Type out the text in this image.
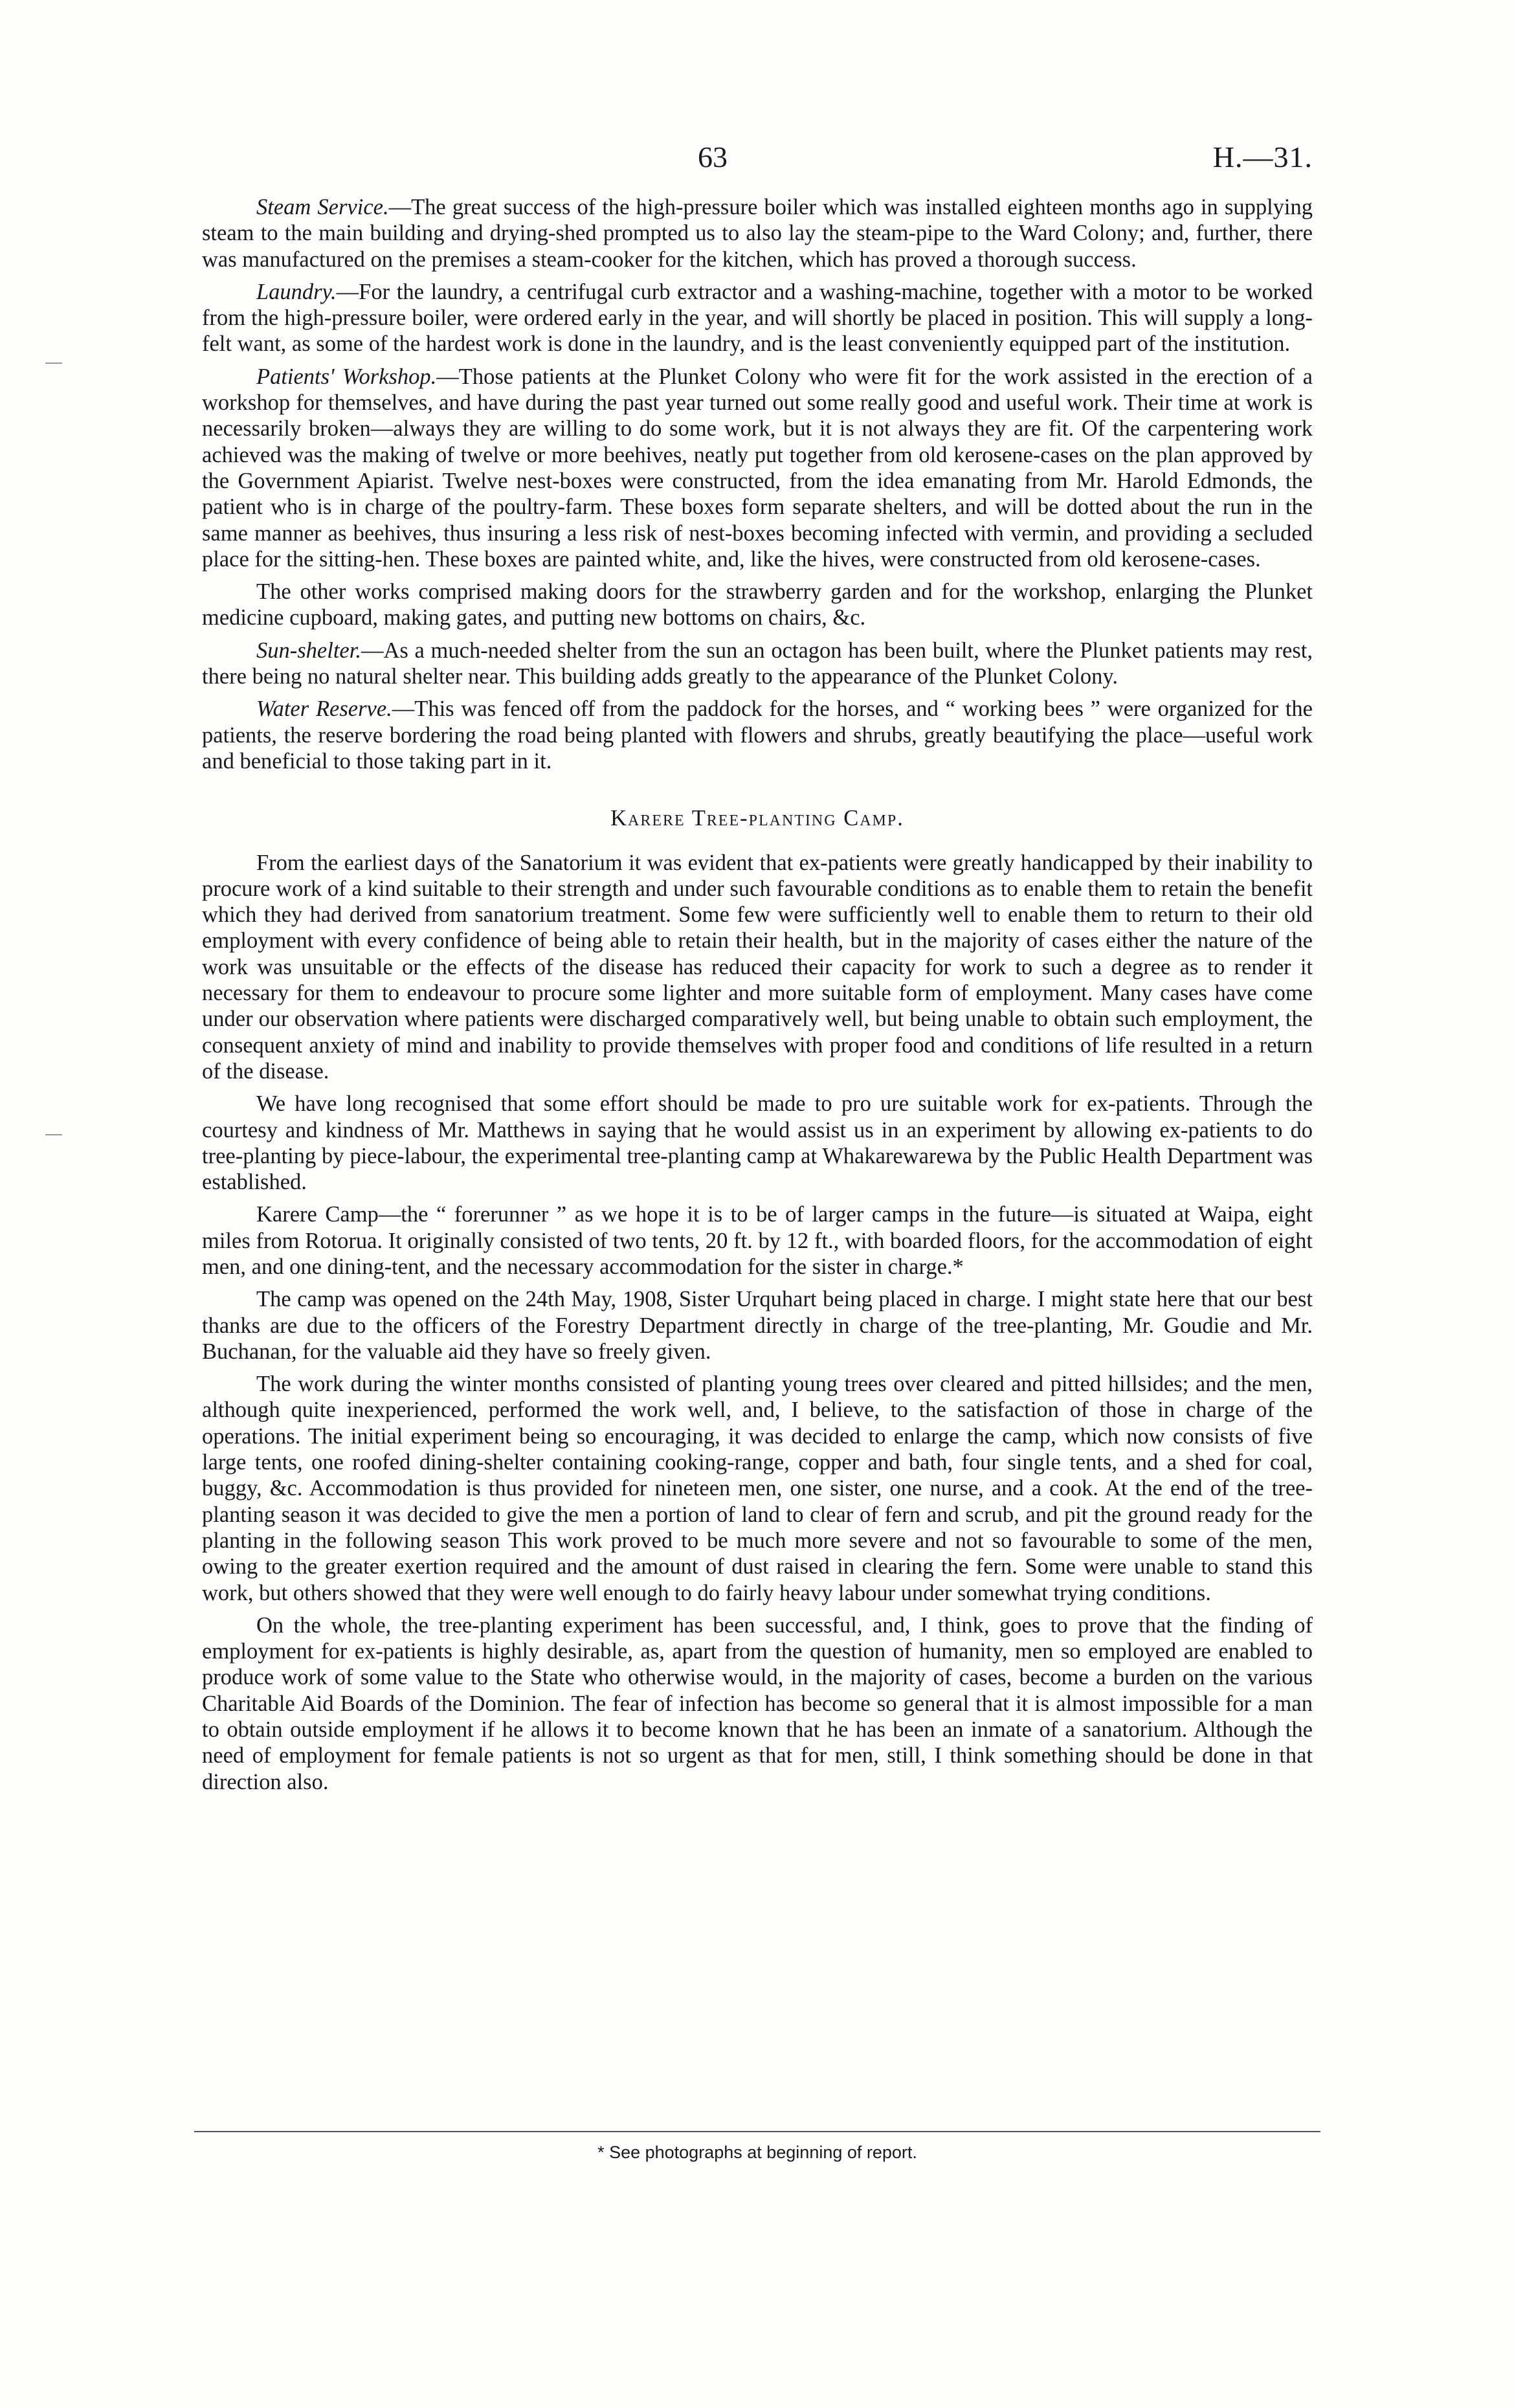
63	H.—31.

Steam Service.—The great success of the high-pressure boiler which was installed eighteen months ago in supplying steam to the main building and drying-shed prompted us to also lay the steam-pipe to the Ward Colony; and, further, there was manufactured on the premises a steam-cooker for the kitchen, which has proved a thorough success.

Laundry.—For the laundry, a centrifugal curb extractor and a washing-machine, together with a motor to be worked from the high-pressure boiler, were ordered early in the year, and will shortly be placed in position. This will supply a long-felt want, as some of the hardest work is done in the laundry, and is the least conveniently equipped part of the institution.

Patients' Workshop.—Those patients at the Plunket Colony who were fit for the work assisted in the erection of a workshop for themselves, and have during the past year turned out some really good and useful work. Their time at work is necessarily broken—always they are willing to do some work, but it is not always they are fit. Of the carpentering work achieved was the making of twelve or more beehives, neatly put together from old kerosene-cases on the plan approved by the Government Apiarist. Twelve nest-boxes were constructed, from the idea emanating from Mr. Harold Edmonds, the patient who is in charge of the poultry-farm. These boxes form separate shelters, and will be dotted about the run in the same manner as beehives, thus insuring a less risk of nest-boxes becoming infected with vermin, and providing a secluded place for the sitting-hen. These boxes are painted white, and, like the hives, were constructed from old kerosene-cases.

The other works comprised making doors for the strawberry garden and for the workshop, enlarging the Plunket medicine cupboard, making gates, and putting new bottoms on chairs, &c.

Sun-shelter.—As a much-needed shelter from the sun an octagon has been built, where the Plunket patients may rest, there being no natural shelter near. This building adds greatly to the appearance of the Plunket Colony.

Water Reserve.—This was fenced off from the paddock for the horses, and “ working bees ” were organized for the patients, the reserve bordering the road being planted with flowers and shrubs, greatly beautifying the place—useful work and beneficial to those taking part in it.

Karere Tree-planting Camp.

From the earliest days of the Sanatorium it was evident that ex-patients were greatly handicapped by their inability to procure work of a kind suitable to their strength and under such favourable conditions as to enable them to retain the benefit which they had derived from sanatorium treatment. Some few were sufficiently well to enable them to return to their old employment with every confidence of being able to retain their health, but in the majority of cases either the nature of the work was unsuitable or the effects of the disease has reduced their capacity for work to such a degree as to render it necessary for them to endeavour to procure some lighter and more suitable form of employment. Many cases have come under our observation where patients were discharged comparatively well, but being unable to obtain such employment, the consequent anxiety of mind and inability to provide themselves with proper food and conditions of life resulted in a return of the disease.

We have long recognised that some effort should be made to pro ure suitable work for ex-patients. Through the courtesy and kindness of Mr. Matthews in saying that he would assist us in an experiment by allowing ex-patients to do tree-planting by piece-labour, the experimental tree-planting camp at Whakarewarewa by the Public Health Department was established.

Karere Camp—the “ forerunner ” as we hope it is to be of larger camps in the future—is situated at Waipa, eight miles from Rotorua. It originally consisted of two tents, 20 ft. by 12 ft., with boarded floors, for the accommodation of eight men, and one dining-tent, and the necessary accommodation for the sister in charge.*

The camp was opened on the 24th May, 1908, Sister Urquhart being placed in charge. I might state here that our best thanks are due to the officers of the Forestry Department directly in charge of the tree-planting, Mr. Goudie and Mr. Buchanan, for the valuable aid they have so freely given.

The work during the winter months consisted of planting young trees over cleared and pitted hillsides; and the men, although quite inexperienced, performed the work well, and, I believe, to the satisfaction of those in charge of the operations. The initial experiment being so encouraging, it was decided to enlarge the camp, which now consists of five large tents, one roofed dining-shelter containing cooking-range, copper and bath, four single tents, and a shed for coal, buggy, &c. Accommodation is thus provided for nineteen men, one sister, one nurse, and a cook. At the end of the tree-planting season it was decided to give the men a portion of land to clear of fern and scrub, and pit the ground ready for the planting in the following season This work proved to be much more severe and not so favourable to some of the men, owing to the greater exertion required and the amount of dust raised in clearing the fern. Some were unable to stand this work, but others showed that they were well enough to do fairly heavy labour under somewhat trying conditions.

On the whole, the tree-planting experiment has been successful, and, I think, goes to prove that the finding of employment for ex-patients is highly desirable, as, apart from the question of humanity, men so employed are enabled to produce work of some value to the State who otherwise would, in the majority of cases, become a burden on the various Charitable Aid Boards of the Dominion. The fear of infection has become so general that it is almost impossible for a man to obtain outside employment if he allows it to become known that he has been an inmate of a sanatorium. Although the need of employment for female patients is not so urgent as that for men, still, I think something should be done in that direction also.

* See photographs at beginning of report.
